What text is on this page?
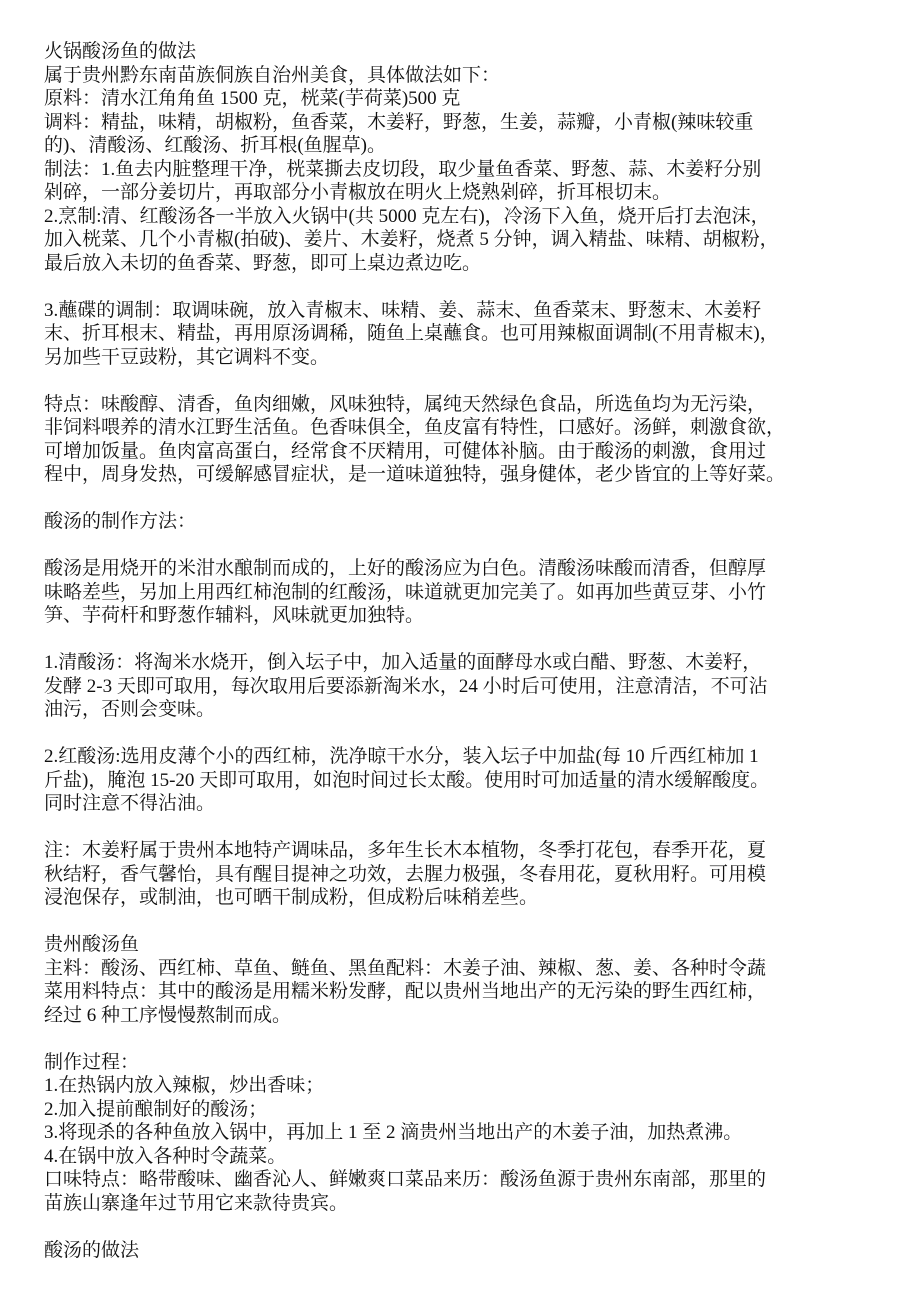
火锅酸汤鱼的做法
属于贵州黔东南苗族侗族自治州美食，具体做法如下：
原料：清水江角角鱼 1500 克，桄菜(芋荷菜)500 克
调料：精盐，味精，胡椒粉，鱼香菜，木姜籽，野葱，生姜，蒜瓣，小青椒(辣味较重
的)、清酸汤、红酸汤、折耳根(鱼腥草)。
制法：1.鱼去内脏整理干净，桄菜撕去皮切段，取少量鱼香菜、野葱、蒜、木姜籽分别
剁碎，一部分姜切片，再取部分小青椒放在明火上烧熟剁碎，折耳根切末。
2.烹制:清、红酸汤各一半放入火锅中(共 5000 克左右)，冷汤下入鱼，烧开后打去泡沫，
加入桄菜、几个小青椒(拍破)、姜片、木姜籽，烧煮 5 分钟，调入精盐、味精、胡椒粉，
最后放入未切的鱼香菜、野葱，即可上桌边煮边吃。
3.蘸碟的调制：取调味碗，放入青椒末、味精、姜、蒜末、鱼香菜末、野葱末、木姜籽
末、折耳根末、精盐，再用原汤调稀，随鱼上桌蘸食。也可用辣椒面调制(不用青椒末)，
另加些干豆豉粉，其它调料不变。
特点：味酸醇、清香，鱼肉细嫩，风味独特，属纯天然绿色食品，所选鱼均为无污染，
非饲料喂养的清水江野生活鱼。色香味俱全，鱼皮富有特性，口感好。汤鲜，刺激食欲，
可增加饭量。鱼肉富高蛋白，经常食不厌精用，可健体补脑。由于酸汤的刺激，食用过
程中，周身发热，可缓解感冒症状，是一道味道独特，强身健体，老少皆宜的上等好菜。
酸汤的制作方法：
酸汤是用烧开的米泔水酿制而成的，上好的酸汤应为白色。清酸汤味酸而清香，但醇厚
味略差些，另加上用西红柿泡制的红酸汤，味道就更加完美了。如再加些黄豆芽、小竹
笋、芋荷杆和野葱作辅料，风味就更加独特。
1.清酸汤：将淘米水烧开，倒入坛子中，加入适量的面酵母水或白醋、野葱、木姜籽，
发酵 2-3 天即可取用，每次取用后要添新淘米水，24 小时后可使用，注意清洁，不可沾
油污，否则会变味。
2.红酸汤:选用皮薄个小的西红柿，洗净晾干水分，装入坛子中加盐(每 10 斤西红柿加 1
斤盐)，腌泡 15-20 天即可取用，如泡时间过长太酸。使用时可加适量的清水缓解酸度。
同时注意不得沾油。
注：木姜籽属于贵州本地特产调味品，多年生长木本植物，冬季打花包，春季开花，夏
秋结籽，香气馨怡，具有醒目提神之功效，去腥力极强，冬春用花，夏秋用籽。可用模
浸泡保存，或制油，也可晒干制成粉，但成粉后味稍差些。
贵州酸汤鱼
主料：酸汤、西红柿、草鱼、鲢鱼、黑鱼配料：木姜子油、辣椒、葱、姜、各种时令蔬
菜用料特点：其中的酸汤是用糯米粉发酵，配以贵州当地出产的无污染的野生西红柿，
经过 6 种工序慢慢熬制而成。
制作过程：
1.在热锅内放入辣椒，炒出香味；
2.加入提前酿制好的酸汤；
3.将现杀的各种鱼放入锅中，再加上 1 至 2 滴贵州当地出产的木姜子油，加热煮沸。
4.在锅中放入各种时令蔬菜。
口味特点：略带酸味、幽香沁人、鲜嫩爽口菜品来历：酸汤鱼源于贵州东南部，那里的
苗族山寨逢年过节用它来款待贵宾。
酸汤的做法
